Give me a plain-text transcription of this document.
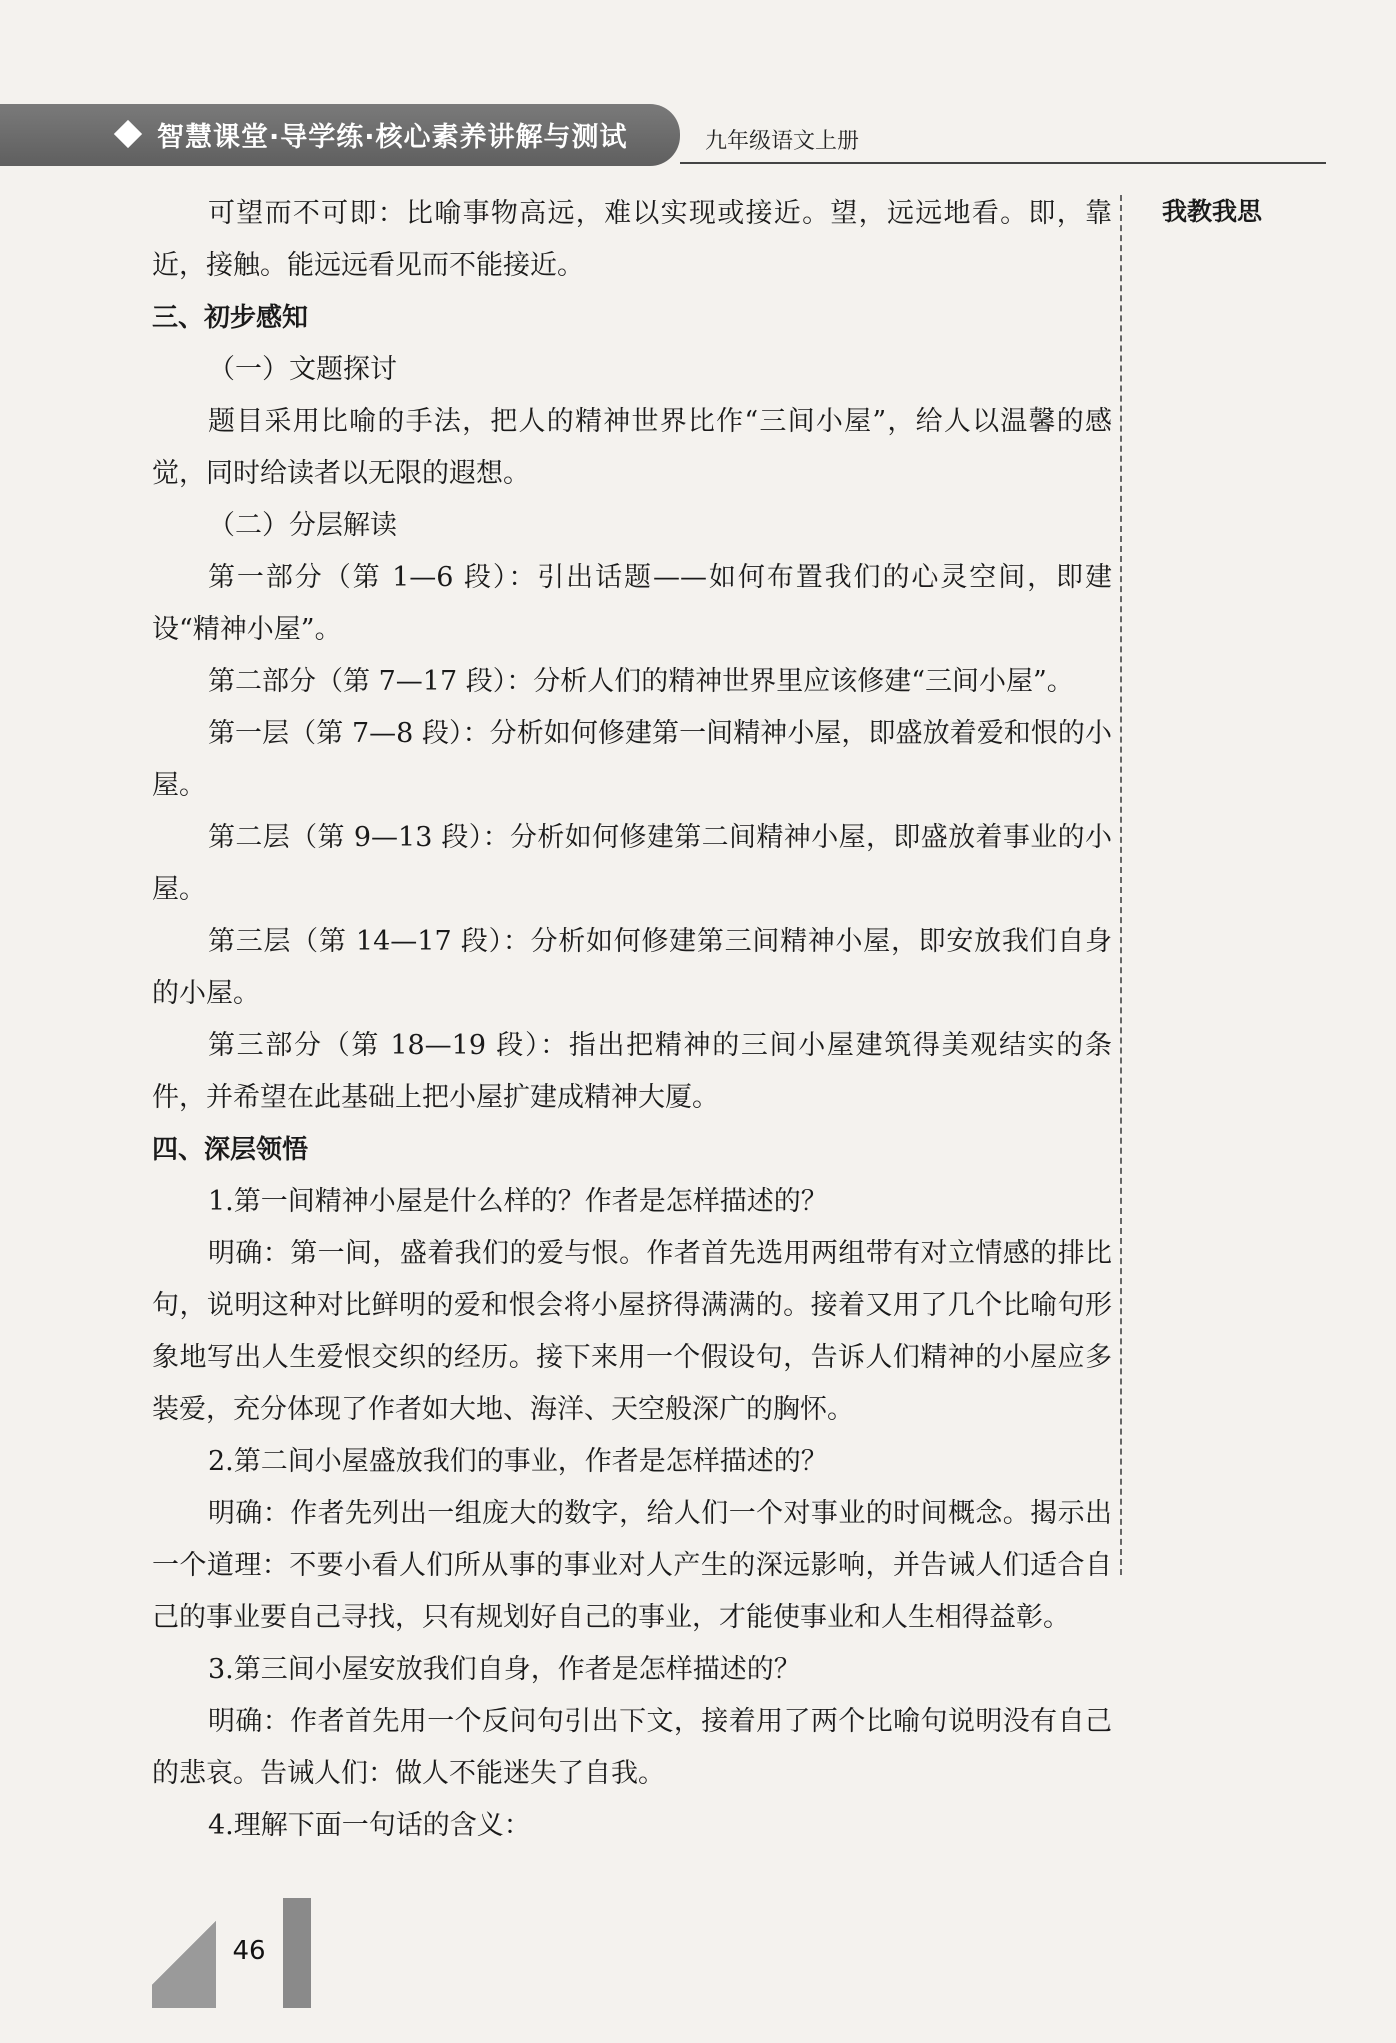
智慧课堂·导学练·核心素养讲解与测试	九年级语文上册
我教我思

可望而不可即：比喻事物高远，难以实现或接近。望，远远地看。即，靠近，接触。能远远看见而不能接近。

三、初步感知

（一）文题探讨

题目采用比喻的手法，把人的精神世界比作“三间小屋”，给人以温馨的感觉，同时给读者以无限的遐想。

（二）分层解读

第一部分（第 1—6 段）：引出话题——如何布置我们的心灵空间，即建设“精神小屋”。

第二部分（第 7—17 段）：分析人们的精神世界里应该修建“三间小屋”。

第一层（第 7—8 段）：分析如何修建第一间精神小屋，即盛放着爱和恨的小屋。

第二层（第 9—13 段）：分析如何修建第二间精神小屋，即盛放着事业的小屋。

第三层（第 14—17 段）：分析如何修建第三间精神小屋，即安放我们自身的小屋。

第三部分（第 18—19 段）：指出把精神的三间小屋建筑得美观结实的条件，并希望在此基础上把小屋扩建成精神大厦。

四、深层领悟

1.第一间精神小屋是什么样的？作者是怎样描述的？

明确：第一间，盛着我们的爱与恨。作者首先选用两组带有对立情感的排比句，说明这种对比鲜明的爱和恨会将小屋挤得满满的。接着又用了几个比喻句形象地写出人生爱恨交织的经历。接下来用一个假设句，告诉人们精神的小屋应多装爱，充分体现了作者如大地、海洋、天空般深广的胸怀。

2.第二间小屋盛放我们的事业，作者是怎样描述的？

明确：作者先列出一组庞大的数字，给人们一个对事业的时间概念。揭示出一个道理：不要小看人们所从事的事业对人产生的深远影响，并告诫人们适合自己的事业要自己寻找，只有规划好自己的事业，才能使事业和人生相得益彰。

3.第三间小屋安放我们自身，作者是怎样描述的？

明确：作者首先用一个反问句引出下文，接着用了两个比喻句说明没有自己的悲哀。告诫人们：做人不能迷失了自我。

4.理解下面一句话的含义：

46
